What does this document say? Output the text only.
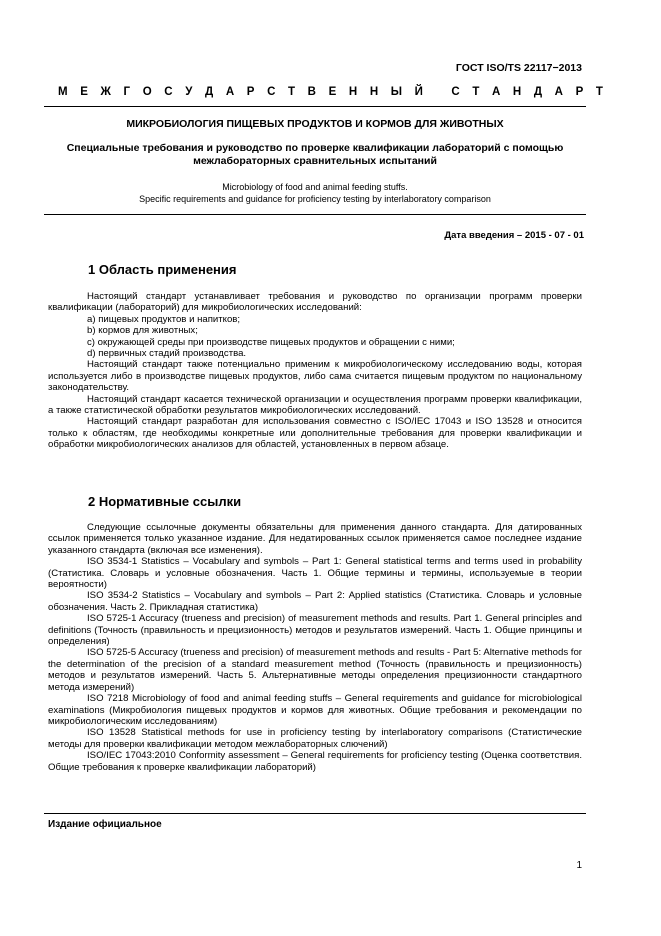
ГОСТ ISO/TS 22117−2013
М Е Ж Г О С У Д А Р С Т В Е Н Н Ы Й
С Т А Н Д А Р Т
МИКРОБИОЛОГИЯ ПИЩЕВЫХ ПРОДУКТОВ И КОРМОВ ДЛЯ ЖИВОТНЫХ
Специальные требования и руководство по проверке квалификации лабораторий с помощью
межлабораторных сравнительных испытаний
Microbiology of food and animal feeding stuffs.
Specific requirements and guidance for proficiency testing by interlaboratory comparison
Дата введения – 2015 - 07 - 01
1 Область применения

Настоящий стандарт устанавливает требования и руководство по организации программ проверки квалификации (лабораторий) для микробиологических исследований:

а) пищевых продуктов и напитков;

b) кормов для животных;

c) окружающей среды при производстве пищевых продуктов и обращении с ними;

d) первичных стадий производства.

Настоящий стандарт также потенциально применим к микробиологическому исследованию воды, которая используется либо в производстве пищевых продуктов, либо сама считается пищевым продуктом по национальному законодательству.

Настоящий стандарт касается технической организации и осуществления программ проверки квалификации, а также статистической обработки результатов микробиологических исследований.

Настоящий стандарт разработан для использования совместно с ISO/IEC 17043 и ISO 13528 и относится только к областям, где необходимы конкретные или дополнительные требования для проверки квалификации и обработки микробиологических анализов для областей, установленных в первом абзаце.

2 Нормативные ссылки

Следующие ссылочные документы обязательны для применения данного стандарта. Для датированных ссылок применяется только указанное издание. Для недатированных ссылок применяется самое последнее издание указанного стандарта (включая все изменения).

ISO 3534-1 Statistics – Vocabulary and symbols – Part 1: General statistical terms and terms used in probability (Статистика. Словарь и условные обозначения. Часть 1. Общие термины и термины, используемые в теории вероятности)

ISO 3534-2 Statistics – Vocabulary and symbols – Part 2: Applied statistics (Статистика. Словарь и условные обозначения. Часть 2. Прикладная статистика)

ISO 5725-1 Accuracy (trueness and precision) of measurement methods and results. Part 1. General principles and definitions (Точность (правильность и прецизионность) методов и результатов измерений. Часть 1. Общие принципы и определения)

ISO 5725-5 Accuracy (trueness and precision) of measurement methods and results - Part 5: Alternative methods for the determination of the precision of a standard measurement method (Точность (правильность и прецизионность) методов и результатов измерений. Часть 5. Альтернативные методы определения прецизионности стандартного метода измерений)

ISO 7218 Microbiology of food and animal feeding stuffs – General requirements and guidance for microbiological examinations (Микробиология пищевых продуктов и кормов для животных. Общие требования и рекомендации по микробиологическим исследованиям)

ISO 13528 Statistical methods for use in proficiency testing by interlaboratory comparisons (Статистические методы для проверки квалификации методом межлабораторных слючений)

ISO/IEC 17043:2010 Conformity assessment – General requirements for proficiency testing (Оценка соответствия. Общие требования к проверке квалификации лабораторий)

Издание официальное
1
